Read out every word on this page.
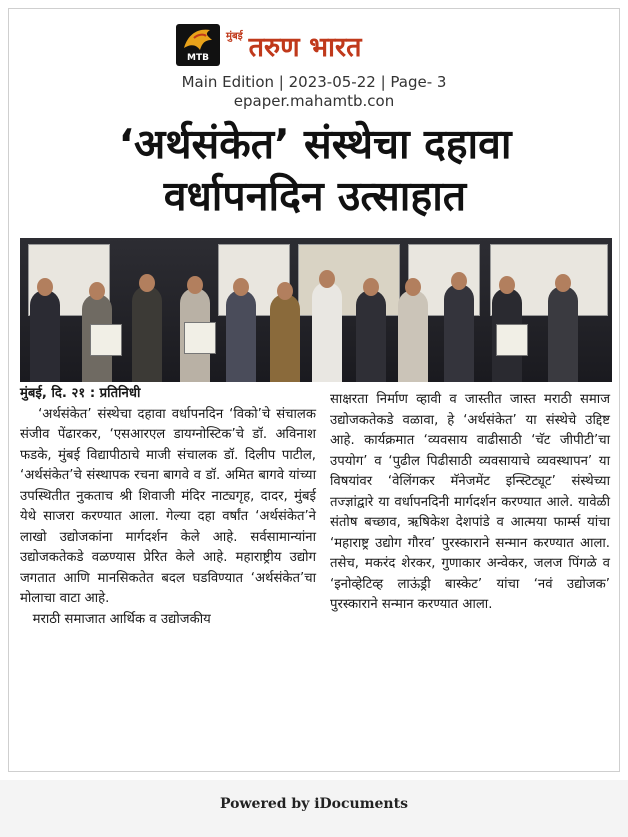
MTB
मुंबई तरुण भारत
Main Edition | 2023-05-22 | Page- 3
epaper.mahamtb.con
‘अर्थसंकेत’ संस्थेचा दहावा
वर्धापनदिन उत्साहात
मुंबई, दि. २१ : प्रतिनिधी
‘अर्थसंकेत’ संस्थेचा दहावा वर्धापनदिन ‘विको’चे संचालक संजीव पेंढारकर, ‘एसआरएल डायग्नोस्टिक’चे डॉ. अविनाश फडके, मुंबई विद्यापीठाचे माजी संचालक डॉ. दिलीप पाटील, ‘अर्थसंकेत’चे संस्थापक रचना बागवे व डॉ. अमित बागवे यांच्या उपस्थितीत नुकताच श्री शिवाजी मंदिर नाट्यगृह, दादर, मुंबई येथे साजरा करण्यात आला. गेल्या दहा वर्षांत ‘अर्थसंकेत’ने लाखो उद्योजकांना मार्गदर्शन केले आहे. सर्वसामान्यांना उद्योजकतेकडे वळण्यास प्रेरित केले आहे. महाराष्ट्रीय उद्योग जगतात आणि मानसिकतेत बदल घडविण्यात ‘अर्थसंकेत’चा मोलाचा वाटा आहे.
मराठी समाजात आर्थिक व उद्योजकीय
साक्षरता निर्माण व्हावी व जास्तीत जास्त मराठी समाज उद्योजकतेकडे वळावा, हे ‘अर्थसंकेत’ या संस्थेचे उद्दिष्ट आहे. कार्यक्रमात ‘व्यवसाय वाढीसाठी ‘चॅट जीपीटी’चा उपयोग’ व ‘पुढील पिढीसाठी व्यवसायाचे व्यवस्थापन’ या विषयांवर ‘वेलिंगकर मॅनेजमेंट इन्स्टिट्यूट’ संस्थेच्या तज्ज्ञांद्वारे या वर्धापनदिनी मार्गदर्शन करण्यात आले. यावेळी संतोष बच्छाव, ऋषिकेश देशपांडे व आत्मया फार्म्स यांचा ‘महाराष्ट्र उद्योग गौरव’ पुरस्काराने सन्मान करण्यात आला. तसेच, मकरंद शेरकर, गुणाकार अन्वेकर, जलज पिंगळे व ‘इनोव्हेटिव्ह लाऊंड्री बास्केट’ यांचा ‘नवं उद्योजक’ पुरस्काराने सन्मान करण्यात आला.
Powered by iDocuments
